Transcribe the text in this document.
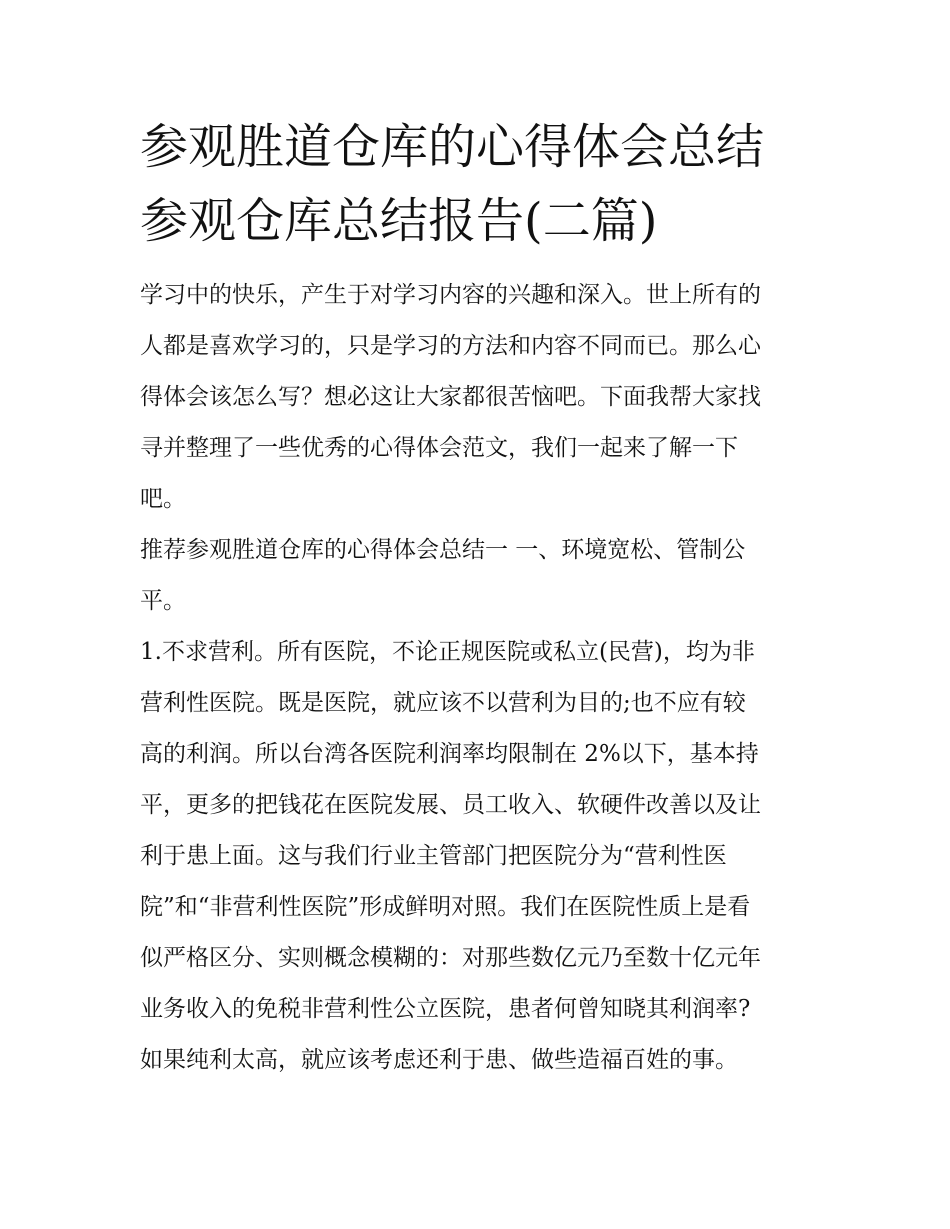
参观胜道仓库的心得体会总结
参观仓库总结报告(二篇)
学习中的快乐，产生于对学习内容的兴趣和深入。世上所有的
人都是喜欢学习的，只是学习的方法和内容不同而已。那么心
得体会该怎么写？想必这让大家都很苦恼吧。下面我帮大家找
寻并整理了一些优秀的心得体会范文，我们一起来了解一下
吧。
推荐参观胜道仓库的心得体会总结一 一、环境宽松、管制公
平。
1.不求营利。所有医院，不论正规医院或私立(民营)，均为非
营利性医院。既是医院，就应该不以营利为目的;也不应有较
高的利润。所以台湾各医院利润率均限制在 2%以下，基本持
平，更多的把钱花在医院发展、员工收入、软硬件改善以及让
利于患上面。这与我们行业主管部门把医院分为“营利性医
院”和“非营利性医院”形成鲜明对照。我们在医院性质上是看
似严格区分、实则概念模糊的：对那些数亿元乃至数十亿元年
业务收入的免税非营利性公立医院，患者何曾知晓其利润率?
如果纯利太高，就应该考虑还利于患、做些造福百姓的事。
